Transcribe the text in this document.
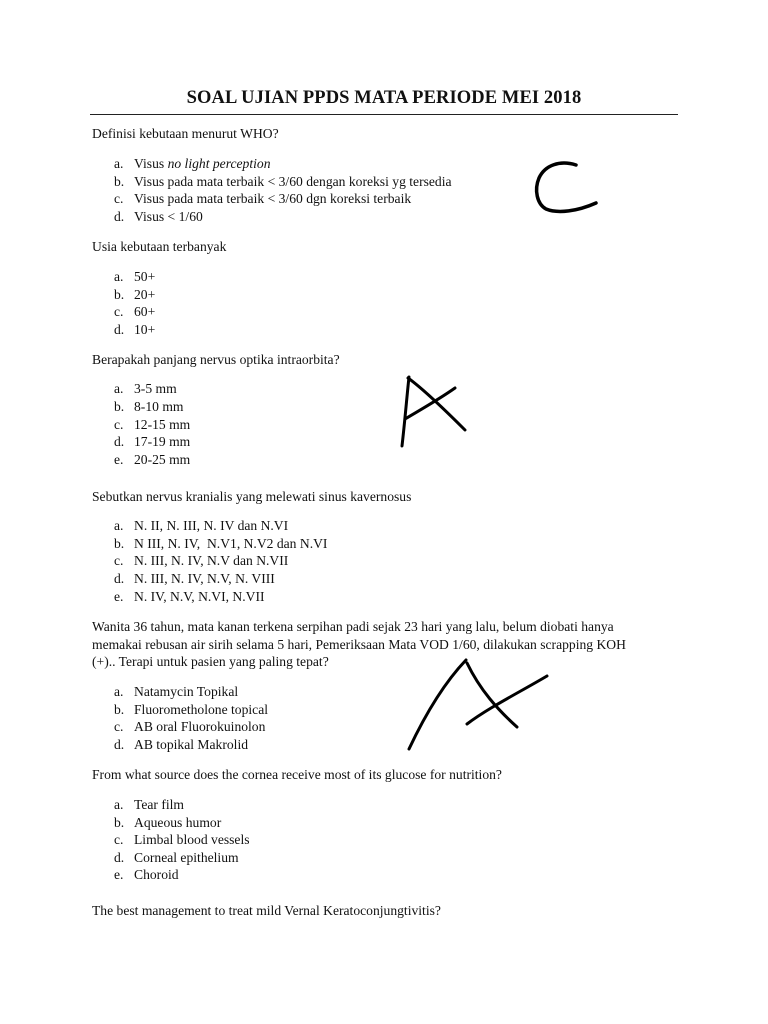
SOAL UJIAN PPDS MATA PERIODE MEI 2018
Definisi kebutaan menurut WHO?
a. Visus no light perception
b. Visus pada mata terbaik < 3/60 dengan koreksi yg tersedia
c. Visus pada mata terbaik < 3/60 dgn koreksi terbaik
d. Visus < 1/60
Usia kebutaan terbanyak
a. 50+
b. 20+
c. 60+
d. 10+
Berapakah panjang nervus optika intraorbita?
a. 3-5 mm
b. 8-10 mm
c. 12-15 mm
d. 17-19 mm
e. 20-25 mm
Sebutkan nervus kranialis yang melewati sinus kavernosus
a. N. II, N. III, N. IV dan N.VI
b. N III, N. IV,  N.V1, N.V2 dan N.VI
c. N. III, N. IV, N.V dan N.VII
d. N. III, N. IV, N.V, N. VIII
e. N. IV, N.V, N.VI, N.VII
Wanita 36 tahun, mata kanan terkena serpihan padi sejak 23 hari yang lalu, belum diobati hanya
memakai rebusan air sirih selama 5 hari, Pemeriksaan Mata VOD 1/60, dilakukan scrapping KOH
(+).. Terapi untuk pasien yang paling tepat?
a. Natamycin Topikal
b. Fluorometholone topical
c. AB oral Fluorokuinolon
d. AB topikal Makrolid
From what source does the cornea receive most of its glucose for nutrition?
a. Tear film
b. Aqueous humor
c. Limbal blood vessels
d. Corneal epithelium
e. Choroid
The best management to treat mild Vernal Keratoconjungtivitis?
